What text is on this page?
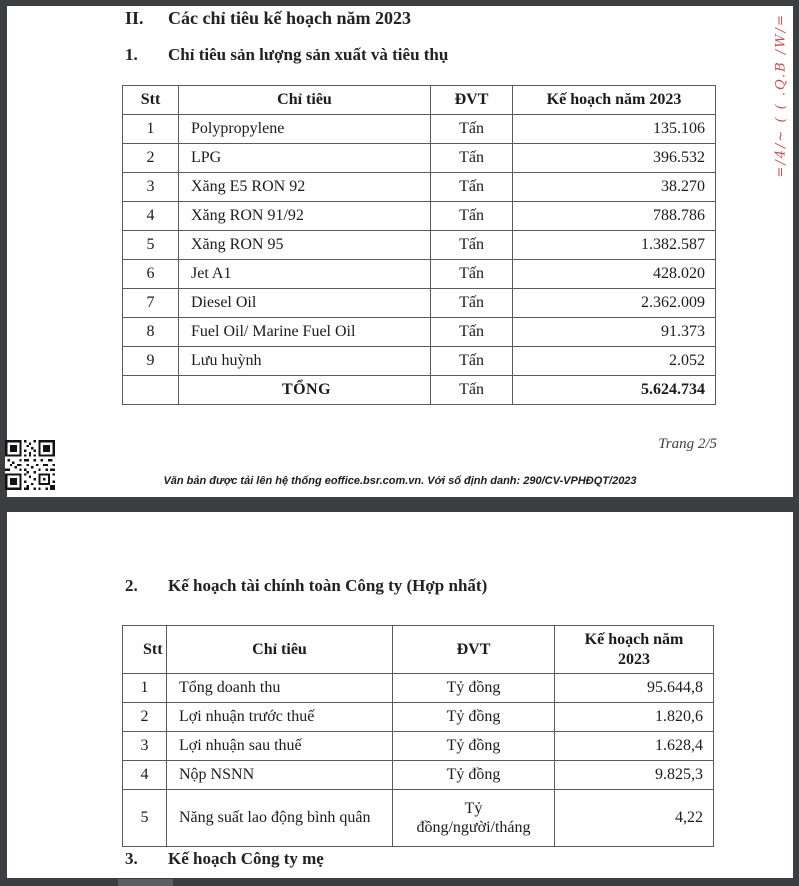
II.	Các chỉ tiêu kế hoạch năm 2023
1.	Chỉ tiêu sản lượng sản xuất và tiêu thụ
Stt	Chỉ tiêu	ĐVT	Kế hoạch năm 2023
1	Polypropylene	Tấn	135.106
2	LPG	Tấn	396.532
3	Xăng E5 RON 92	Tấn	38.270
4	Xăng RON 91/92	Tấn	788.786
5	Xăng RON 95	Tấn	1.382.587
6	Jet A1	Tấn	428.020
7	Diesel Oil	Tấn	2.362.009
8	Fuel Oil/ Marine Fuel Oil	Tấn	91.373
9	Lưu huỳnh	Tấn	2.052
	TỔNG	Tấn	5.624.734
Trang 2/5
Văn bản được tải lên hệ thống eoffice.bsr.com.vn. Với số định danh: 290/CV-VPHĐQT/2023
=/4/~ ( ( .Q.B /W/=
2.	Kế hoạch tài chính toàn Công ty (Hợp nhất)
Stt	Chỉ tiêu	ĐVT	Kế hoạch năm 2023
1	Tổng doanh thu	Tỷ đồng	95.644,8
2	Lợi nhuận trước thuế	Tỷ đồng	1.820,6
3	Lợi nhuận sau thuế	Tỷ đồng	1.628,4
4	Nộp NSNN	Tỷ đồng	9.825,3
5	Năng suất lao động bình quân	Tỷ đồng/người/tháng	4,22
3.	Kế hoạch Công ty mẹ
